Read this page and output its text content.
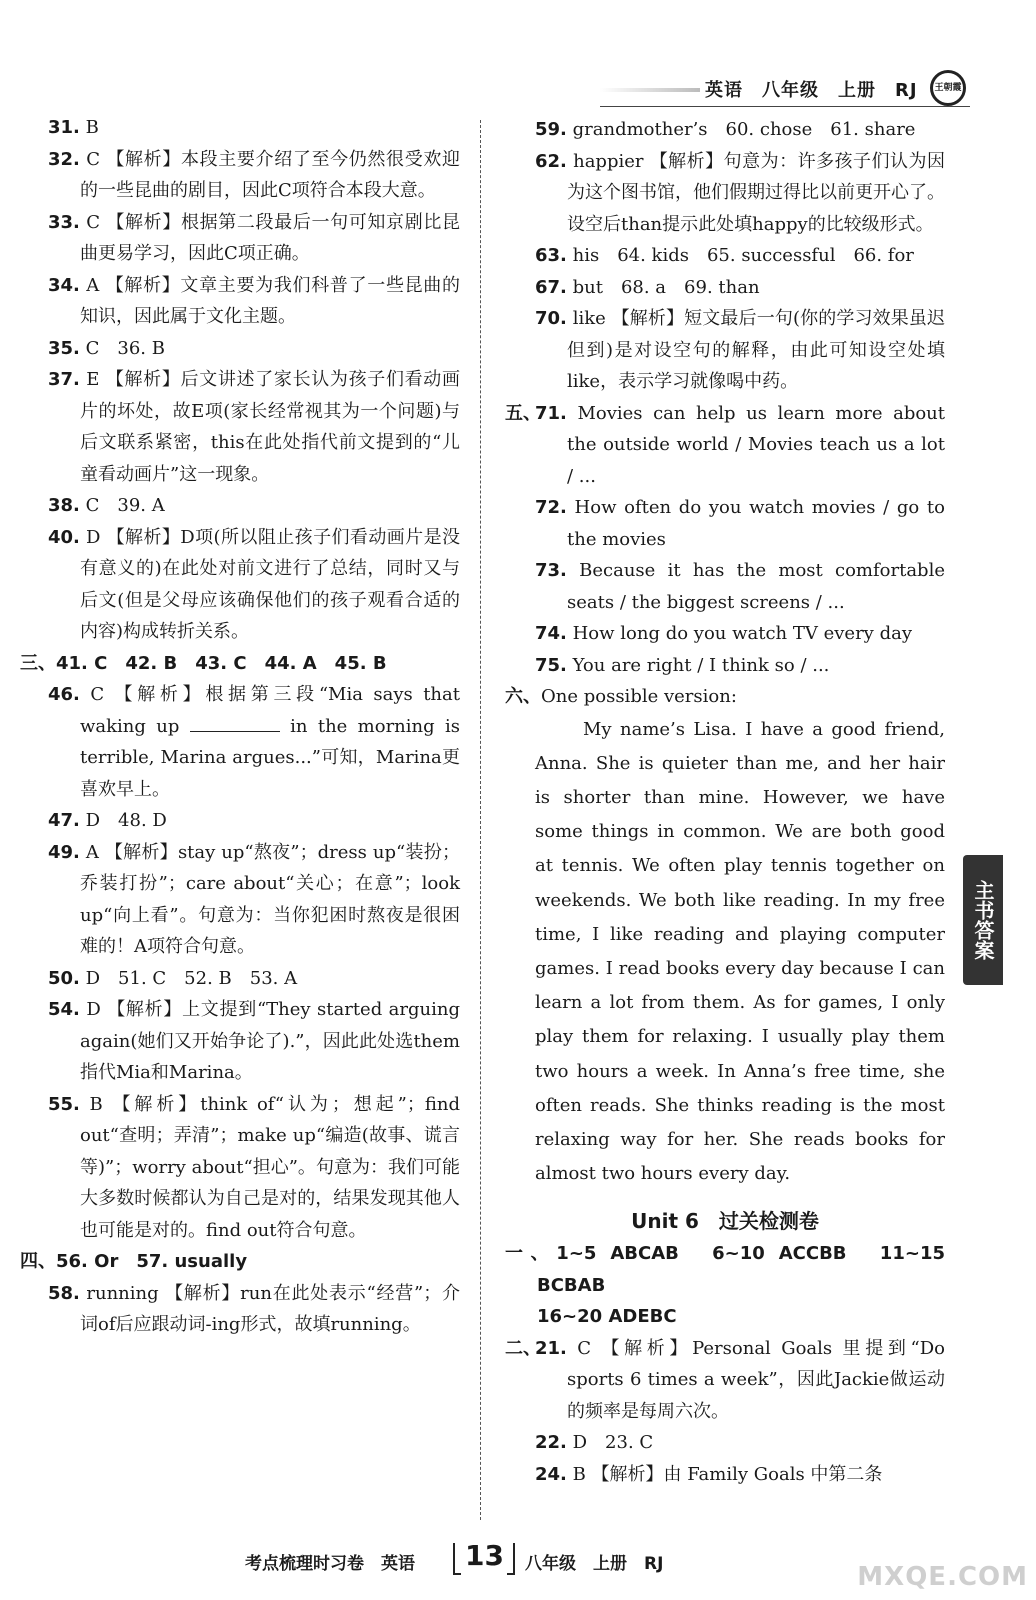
英语　八年级　上册　RJ	王朝霞

31. B

32. C 【解析】本段主要介绍了至今仍然很受欢迎的一些昆曲的剧目，因此C项符合本段大意。

33. C 【解析】根据第二段最后一句可知京剧比昆曲更易学习，因此C项正确。

34. A 【解析】文章主要为我们科普了一些昆曲的知识，因此属于文化主题。

35. C　36. B

37. E 【解析】后文讲述了家长认为孩子们看动画片的坏处，故E项(家长经常视其为一个问题)与后文联系紧密，this在此处指代前文提到的“儿童看动画片”这一现象。

38. C　39. A

40. D 【解析】D项(所以阻止孩子们看动画片是没有意义的)在此处对前文进行了总结，同时又与后文(但是父母应该确保他们的孩子观看合适的内容)构成转折关系。

三、41. C　42. B　43. C　44. A　45. B

46. C 【解析】根据第三段“Mia says that waking up	in the morning is terrible, Marina argues...”可知，Marina更喜欢早上。

47. D　48. D

49. A 【解析】stay up“熬夜”；dress up“装扮；乔装打扮”；care about“关心；在意”；look up“向上看”。句意为：当你犯困时熬夜是很困难的！A项符合句意。

50. D　51. C　52. B　53. A

54. D 【解析】上文提到“They started arguing again(她们又开始争论了).”，因此此处选them指代Mia和Marina。

55. B 【解析】think of“认为；想起”；find out“查明；弄清”；make up“编造(故事、谎言等)”；worry about“担心”。句意为：我们可能大多数时候都认为自己是对的，结果发现其他人也可能是对的。find out符合句意。

四、56. Or　57. usually

58. running 【解析】run在此处表示“经营”；介词of后应跟动词-ing形式，故填running。

59. grandmother’s　60. chose　61. share

62. happier 【解析】句意为：许多孩子们认为因为这个图书馆，他们假期过得比以前更开心了。设空后than提示此处填happy的比较级形式。

63. his　64. kids　65. successful　66. for

67. but　68. a　69. than

70. like 【解析】短文最后一句(你的学习效果虽迟但到)是对设空句的解释，由此可知设空处填like，表示学习就像喝中药。

五、

71. Movies can help us learn more about the outside world / Movies teach us a lot / ...

72. How often do you watch movies / go to the movies

73. Because it has the most comfortable seats / the biggest screens / ...

74. How long do you watch TV every day

75. You are right / I think so / ...

六、One possible version:

My name’s Lisa. I have a good friend, Anna. She is quieter than me, and her hair is shorter than mine. However, we have some things in common. We are both good at tennis. We often play tennis together on weekends. We both like reading. In my free time, I like reading and playing computer games. I read books every day because I can learn a lot from them. As for games, I only play them for relaxing. I usually play them two hours a week. In Anna’s free time, she often reads. She thinks reading is the most relaxing way for her. She reads books for almost two hours every day.

Unit 6　过关检测卷

一、1~5 ABCAB　6~10 ACCBB　11~15 BCBAB

16~20 ADEBC

二、

21. C 【解析】Personal Goals 里提到“Do sports 6 times a week”，因此Jackie做运动的频率是每周六次。

22. D　23. C

24. B 【解析】由 Family Goals 中第二条

主书答案
考点梳理时习卷　英语 13 八年级　上册　RJ	MXQE.COM
